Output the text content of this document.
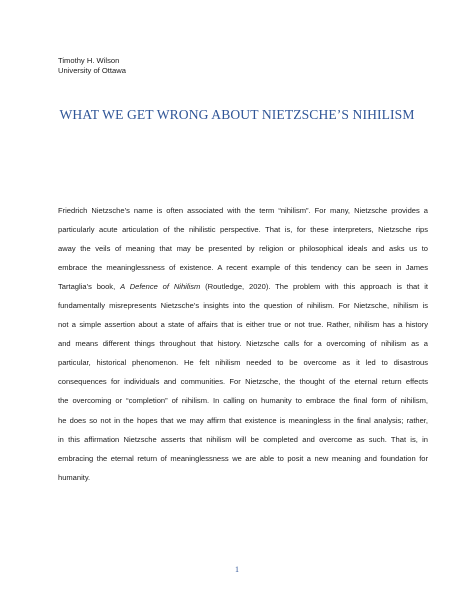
Timothy H. Wilson
University of Ottawa
WHAT WE GET WRONG ABOUT NIETZSCHE’S NIHILISM
Friedrich Nietzsche’s name is often associated with the term “nihilism”. For many, Nietzsche provides a
particularly acute articulation of the nihilistic perspective. That is, for these interpreters, Nietzsche rips
away the veils of meaning that may be presented by religion or philosophical ideals and asks us to
embrace the meaninglessness of existence. A recent example of this tendency can be seen in James
Tartaglia’s book, A Defence of Nihilism (Routledge, 2020). The problem with this approach is that it
fundamentally misrepresents Nietzsche’s insights into the question of nihilism. For Nietzsche, nihilism is
not a simple assertion about a state of affairs that is either true or not true. Rather, nihilism has a history
and means different things throughout that history. Nietzsche calls for a overcoming of nihilism as a
particular, historical phenomenon. He felt nihilism needed to be overcome as it led to disastrous
consequences for individuals and communities. For Nietzsche, the thought of the eternal return effects
the overcoming or “completion” of nihilism. In calling on humanity to embrace the final form of nihilism,
he does so not in the hopes that we may affirm that existence is meaningless in the final analysis; rather,
in this affirmation Nietzsche asserts that nihilism will be completed and overcome as such. That is, in
embracing the eternal return of meaninglessness we are able to posit a new meaning and foundation for
humanity.
1
